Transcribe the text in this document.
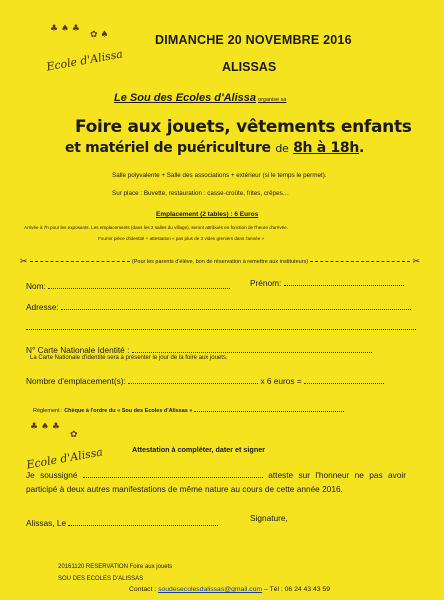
♣ ♠ ♣
✿ ♠
Ecole d'Alissa
DIMANCHE 20 NOVEMBRE 2016
ALISSAS
Le Sou des Ecoles d'Alissa organise sa
Foire aux jouets, vêtements enfants
et matériel de puériculture de 8h à 18h.
Salle polyvalente + Salle des associations + extérieur (si le temps le permet).
Sur place : Buvette, restauration : casse-croûte, frites, crêpes…
Emplacement (2 tables) : 6 Euros
Arrivée à 7h pour les exposants. Les emplacements (dans les 2 salles du village), seront attribués en fonction de l'heure d'arrivée.
Fournir pièce d'identité + attestation « pas plus de 2 vides greniers dans l'année »
✂	(Pour les parents d'élève, bon de réservation à remettre aux instituteurs)	✂
Nom:	Prénom:
Adresse:
N° Carte Nationale Identité :
La Carte Nationale d'identité sera à présenter le jour de la foire aux jouets.
Nombre d'emplacement(s):	x 6 euros =
Règlement : Chèque à l'ordre du « Sou des Ecoles d'Alissas »
♣ ♠ ♣
✿
Ecole d'Alissa	Attestation à compléter, dater et signer
Je soussigné	atteste sur l'honneur ne pas avoir participé à deux autres manifestations de même nature au cours de cette année 2016.
Alissas, Le	Signature,
20161120 RESERVATION Foire aux jouets
SOU DES ECOLES D'ALISSAS
Contact : soudesecolesdalissas@gmail.com – Tél : 06 24 43 43 59
